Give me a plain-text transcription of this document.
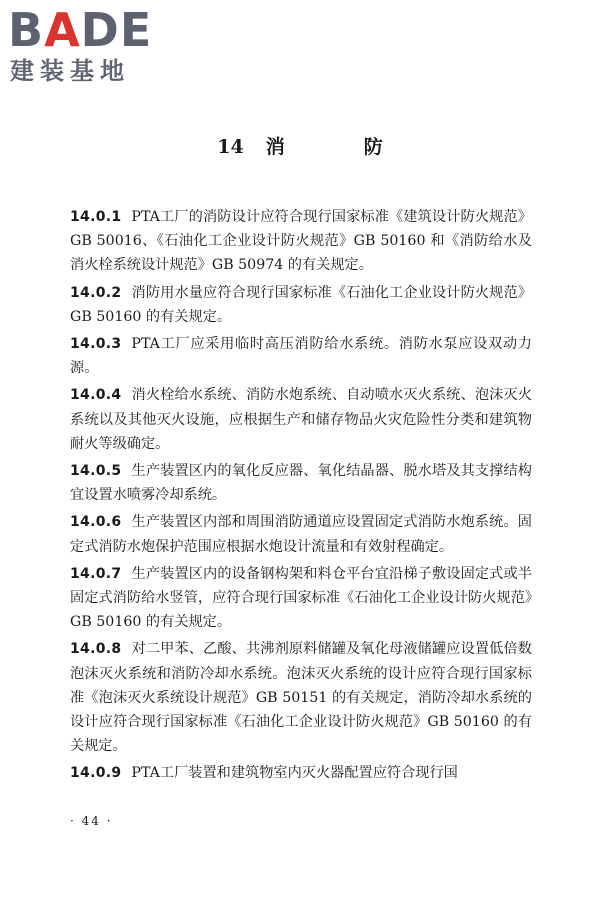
BADE
建装基地
14 消　防

14.0.1 PTA工厂的消防设计应符合现行国家标准《建筑设计防火规范》GB 50016、《石油化工企业设计防火规范》GB 50160 和《消防给水及消火栓系统设计规范》GB 50974 的有关规定。

14.0.2 消防用水量应符合现行国家标准《石油化工企业设计防火规范》GB 50160 的有关规定。

14.0.3 PTA工厂应采用临时高压消防给水系统。消防水泵应设双动力源。

14.0.4 消火栓给水系统、消防水炮系统、自动喷水灭火系统、泡沫灭火系统以及其他灭火设施，应根据生产和储存物品火灾危险性分类和建筑物耐火等级确定。

14.0.5 生产装置区内的氧化反应器、氧化结晶器、脱水塔及其支撑结构宜设置水喷雾冷却系统。

14.0.6 生产装置区内部和周围消防通道应设置固定式消防水炮系统。固定式消防水炮保护范围应根据水炮设计流量和有效射程确定。

14.0.7 生产装置区内的设备钢构架和料仓平台宜沿梯子敷设固定式或半固定式消防给水竖管，应符合现行国家标准《石油化工企业设计防火规范》GB 50160 的有关规定。

14.0.8 对二甲苯、乙酸、共沸剂原料储罐及氧化母液储罐应设置低倍数泡沫灭火系统和消防冷却水系统。泡沫灭火系统的设计应符合现行国家标准《泡沫灭火系统设计规范》GB 50151 的有关规定，消防冷却水系统的设计应符合现行国家标准《石油化工企业设计防火规范》GB 50160 的有关规定。

14.0.9 PTA工厂装置和建筑物室内灭火器配置应符合现行国

· 44 ·
